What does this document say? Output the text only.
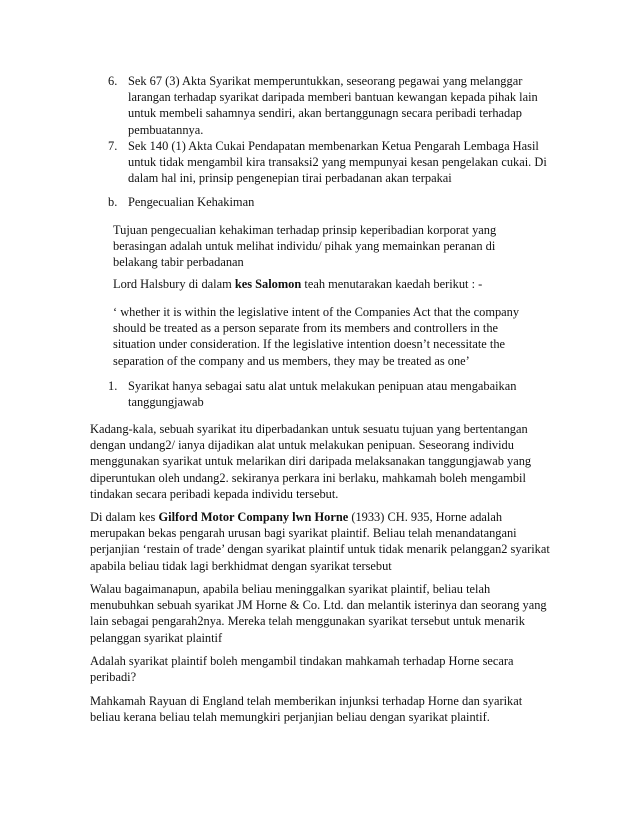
6. Sek 67 (3) Akta Syarikat memperuntukkan, seseorang pegawai yang melanggar larangan terhadap syarikat daripada memberi bantuan kewangan kepada pihak lain untuk membeli sahamnya sendiri, akan bertanggunagn secara peribadi terhadap pembuatannya.

7. Sek 140 (1) Akta Cukai Pendapatan membenarkan Ketua Pengarah Lembaga Hasil untuk tidak mengambil kira transaksi2 yang mempunyai kesan pengelakan cukai. Di dalam hal ini, prinsip pengenepian tirai perbadanan akan terpakai

b. Pengecualian Kehakiman

Tujuan pengecualian kehakiman terhadap prinsip keperibadian korporat yang berasingan adalah untuk melihat individu/ pihak yang memainkan peranan di belakang tabir perbadanan

Lord Halsbury di dalam kes Salomon teah menutarakan kaedah berikut : -

‘ whether it is within the legislative intent of the Companies Act that the company should be treated as a person separate from its members and controllers in the situation under consideration. If the legislative intention doesn’t necessitate the separation of the company and us members, they may be treated as one’

1. Syarikat hanya sebagai satu alat untuk melakukan penipuan atau mengabaikan tanggungjawab

Kadang-kala, sebuah syarikat itu diperbadankan untuk sesuatu tujuan yang bertentangan dengan undang2/ ianya dijadikan alat untuk melakukan penipuan. Seseorang individu menggunakan syarikat untuk melarikan diri daripada melaksanakan tanggungjawab yang diperuntukan oleh undang2. sekiranya perkara ini berlaku, mahkamah boleh mengambil tindakan secara peribadi kepada individu tersebut.

Di dalam kes Gilford Motor Company lwn Horne (1933) CH. 935, Horne adalah merupakan bekas pengarah urusan bagi syarikat plaintif. Beliau telah menandatangani perjanjian ‘restain of trade’ dengan syarikat plaintif untuk tidak menarik pelanggan2 syarikat apabila beliau tidak lagi berkhidmat dengan syarikat tersebut

Walau bagaimanapun, apabila beliau meninggalkan syarikat plaintif, beliau telah menubuhkan sebuah syarikat JM Horne & Co. Ltd. dan melantik isterinya dan seorang yang lain sebagai pengarah2nya. Mereka telah menggunakan syarikat tersebut untuk menarik pelanggan syarikat plaintif

Adalah syarikat plaintif boleh mengambil tindakan mahkamah terhadap Horne secara peribadi?

Mahkamah Rayuan di England telah memberikan injunksi terhadap Horne dan syarikat beliau kerana beliau telah memungkiri perjanjian beliau dengan syarikat plaintif.
